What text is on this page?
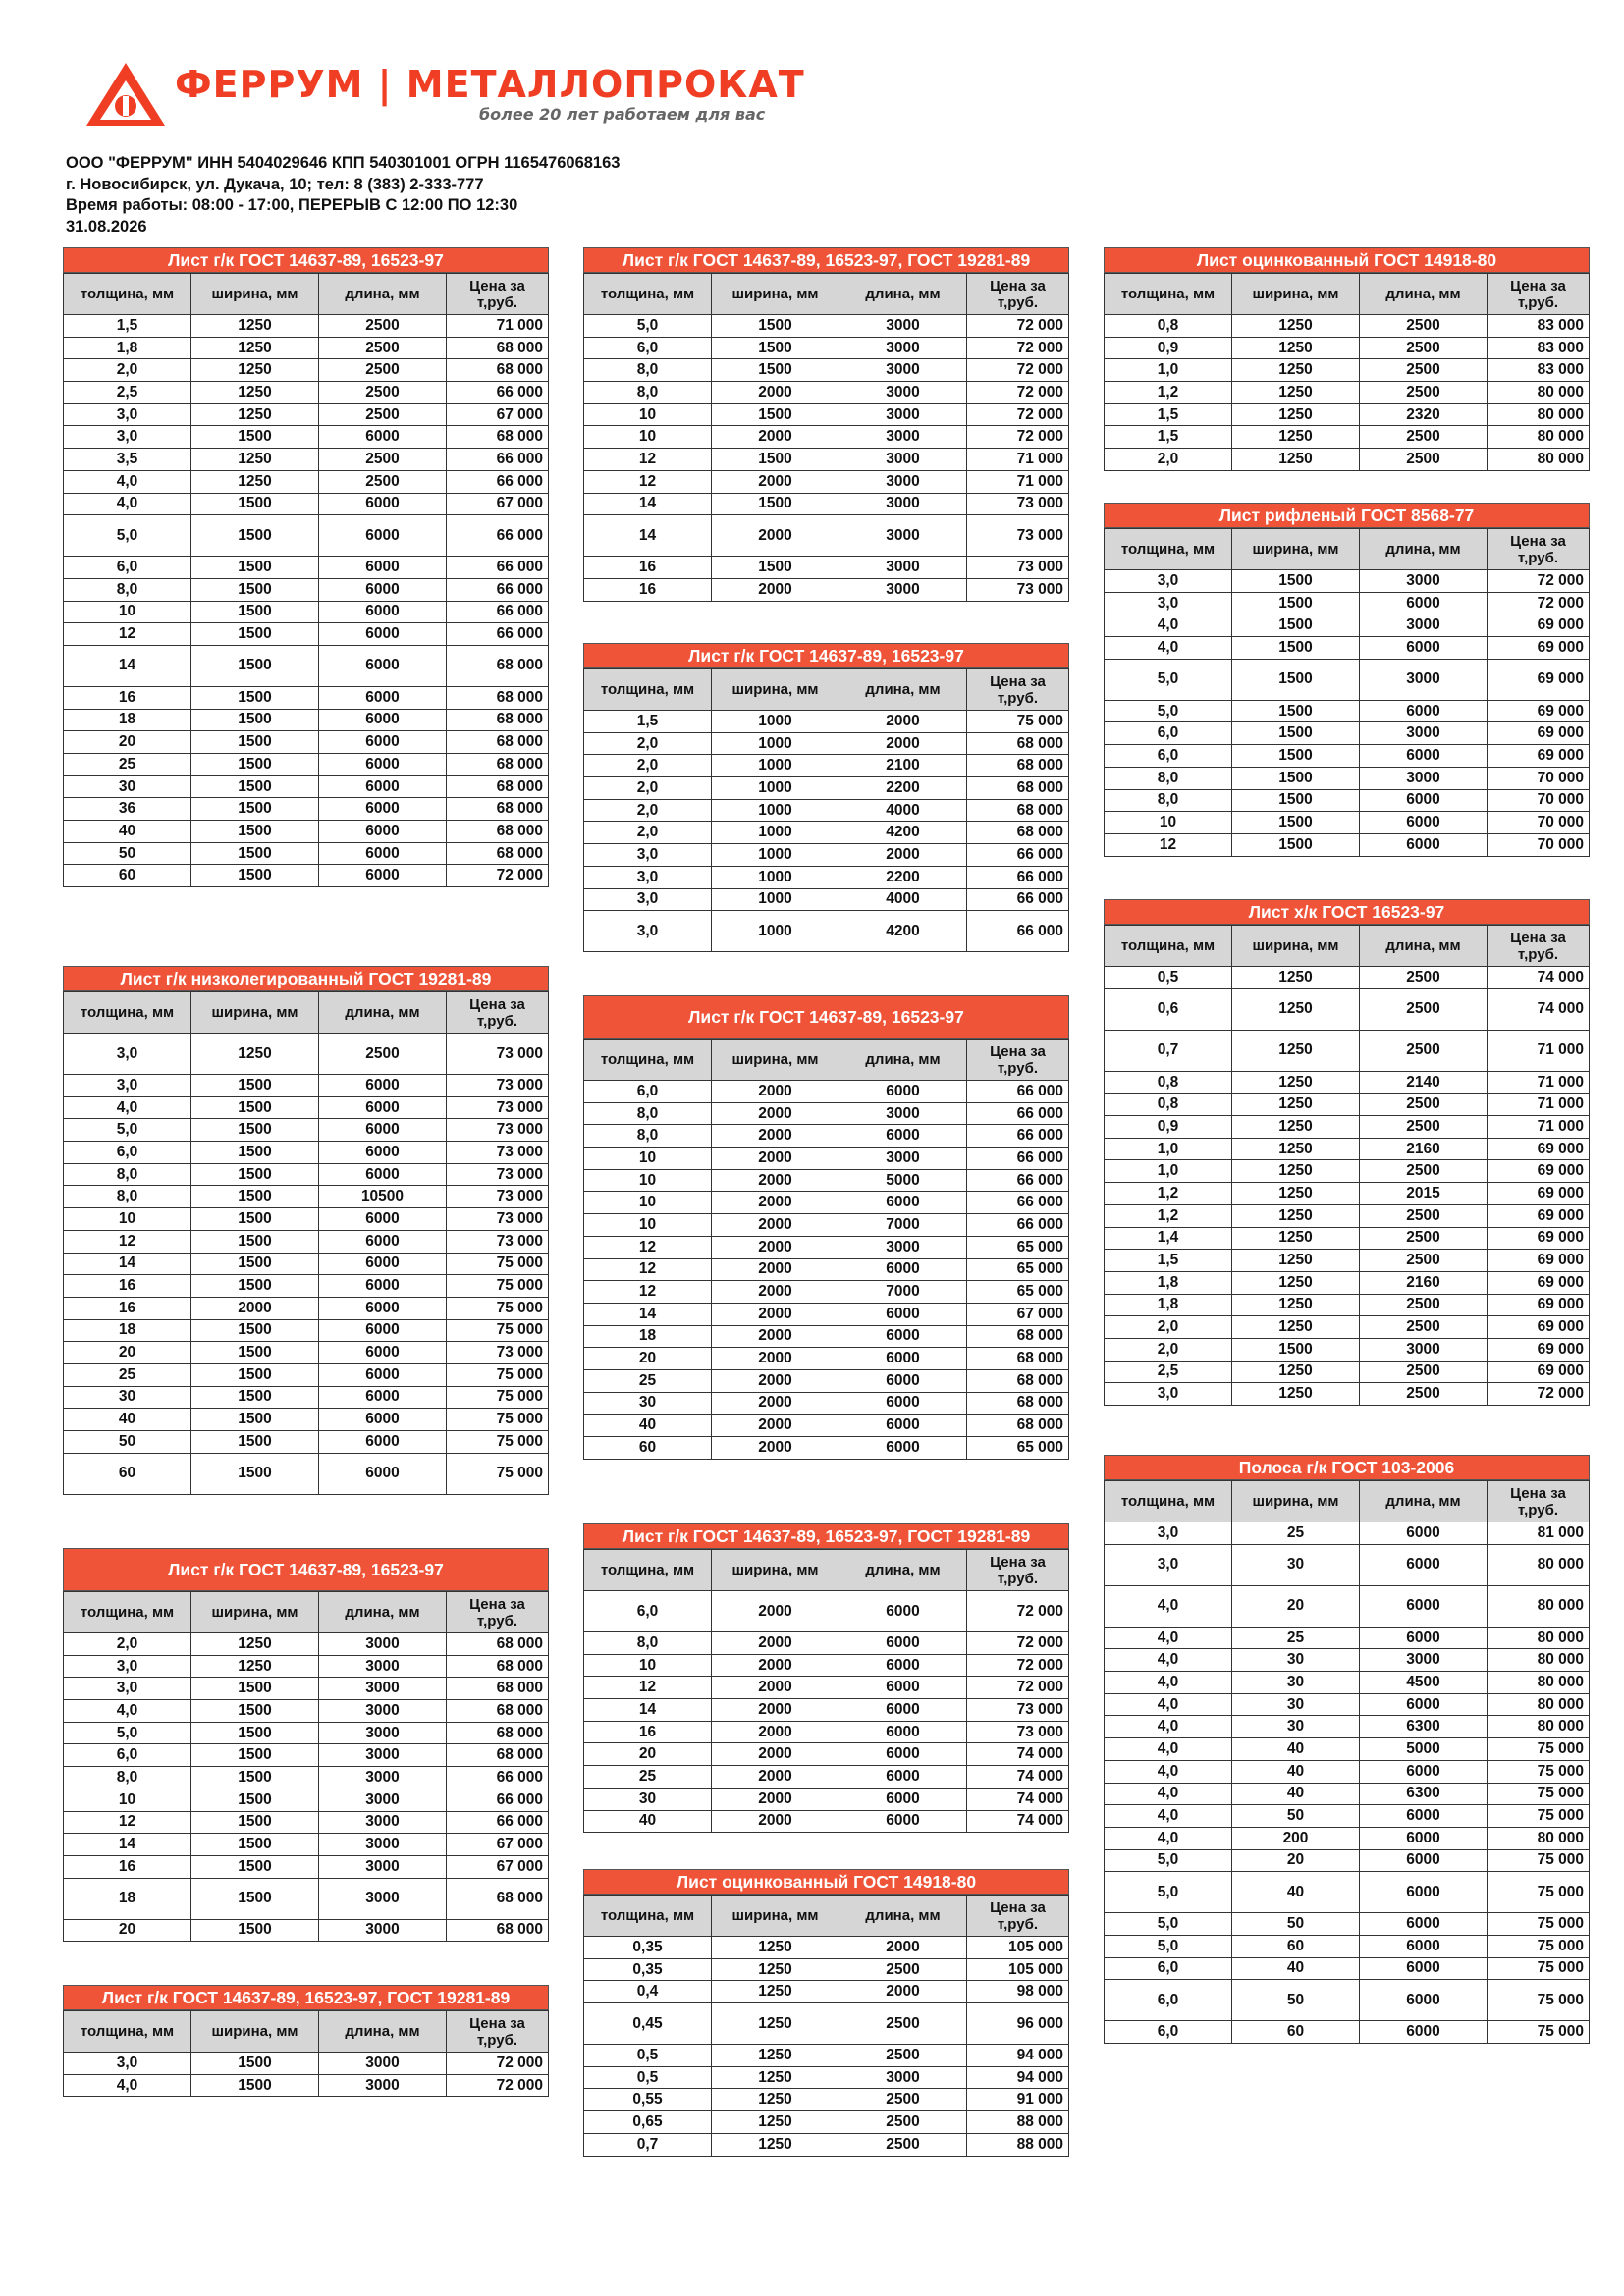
ФЕРРУМ | МЕТАЛЛОПРОКАТ
более 20 лет работаем для вас
ООО "ФЕРРУМ" ИНН 5404029646 КПП 540301001 ОГРН 1165476068163
г. Новосибирск, ул. Дукача, 10; тел: 8 (383) 2-333-777
Время работы: 08:00 - 17:00, ПЕРЕРЫВ С 12:00 ПО 12:30
31.08.2026
Лист г/к ГОСТ 14637-89, 16523-97
толщина, мм	ширина, мм	длина, мм	Цена за т,руб.
1,5	1250	2500	71 000
1,8	1250	2500	68 000
2,0	1250	2500	68 000
2,5	1250	2500	66 000
3,0	1250	2500	67 000
3,0	1500	6000	68 000
3,5	1250	2500	66 000
4,0	1250	2500	66 000
4,0	1500	6000	67 000
5,0	1500	6000	66 000
6,0	1500	6000	66 000
8,0	1500	6000	66 000
10	1500	6000	66 000
12	1500	6000	66 000
14	1500	6000	68 000
16	1500	6000	68 000
18	1500	6000	68 000
20	1500	6000	68 000
25	1500	6000	68 000
30	1500	6000	68 000
36	1500	6000	68 000
40	1500	6000	68 000
50	1500	6000	68 000
60	1500	6000	72 000
Лист г/к низколегированный ГОСТ 19281-89
толщина, мм	ширина, мм	длина, мм	Цена за т,руб.
3,0	1250	2500	73 000
3,0	1500	6000	73 000
4,0	1500	6000	73 000
5,0	1500	6000	73 000
6,0	1500	6000	73 000
8,0	1500	6000	73 000
8,0	1500	10500	73 000
10	1500	6000	73 000
12	1500	6000	73 000
14	1500	6000	75 000
16	1500	6000	75 000
16	2000	6000	75 000
18	1500	6000	75 000
20	1500	6000	73 000
25	1500	6000	75 000
30	1500	6000	75 000
40	1500	6000	75 000
50	1500	6000	75 000
60	1500	6000	75 000
Лист г/к ГОСТ 14637-89, 16523-97
толщина, мм	ширина, мм	длина, мм	Цена за т,руб.
2,0	1250	3000	68 000
3,0	1250	3000	68 000
3,0	1500	3000	68 000
4,0	1500	3000	68 000
5,0	1500	3000	68 000
6,0	1500	3000	68 000
8,0	1500	3000	66 000
10	1500	3000	66 000
12	1500	3000	66 000
14	1500	3000	67 000
16	1500	3000	67 000
18	1500	3000	68 000
20	1500	3000	68 000
Лист г/к ГОСТ 14637-89, 16523-97, ГОСТ 19281-89
толщина, мм	ширина, мм	длина, мм	Цена за т,руб.
3,0	1500	3000	72 000
4,0	1500	3000	72 000
Лист г/к ГОСТ 14637-89, 16523-97, ГОСТ 19281-89
толщина, мм	ширина, мм	длина, мм	Цена за т,руб.
5,0	1500	3000	72 000
6,0	1500	3000	72 000
8,0	1500	3000	72 000
8,0	2000	3000	72 000
10	1500	3000	72 000
10	2000	3000	72 000
12	1500	3000	71 000
12	2000	3000	71 000
14	1500	3000	73 000
14	2000	3000	73 000
16	1500	3000	73 000
16	2000	3000	73 000
Лист г/к ГОСТ 14637-89, 16523-97
толщина, мм	ширина, мм	длина, мм	Цена за т,руб.
1,5	1000	2000	75 000
2,0	1000	2000	68 000
2,0	1000	2100	68 000
2,0	1000	2200	68 000
2,0	1000	4000	68 000
2,0	1000	4200	68 000
3,0	1000	2000	66 000
3,0	1000	2200	66 000
3,0	1000	4000	66 000
3,0	1000	4200	66 000
Лист г/к ГОСТ 14637-89, 16523-97
толщина, мм	ширина, мм	длина, мм	Цена за т,руб.
6,0	2000	6000	66 000
8,0	2000	3000	66 000
8,0	2000	6000	66 000
10	2000	3000	66 000
10	2000	5000	66 000
10	2000	6000	66 000
10	2000	7000	66 000
12	2000	3000	65 000
12	2000	6000	65 000
12	2000	7000	65 000
14	2000	6000	67 000
18	2000	6000	68 000
20	2000	6000	68 000
25	2000	6000	68 000
30	2000	6000	68 000
40	2000	6000	68 000
60	2000	6000	65 000
Лист г/к ГОСТ 14637-89, 16523-97, ГОСТ 19281-89
толщина, мм	ширина, мм	длина, мм	Цена за т,руб.
6,0	2000	6000	72 000
8,0	2000	6000	72 000
10	2000	6000	72 000
12	2000	6000	72 000
14	2000	6000	73 000
16	2000	6000	73 000
20	2000	6000	74 000
25	2000	6000	74 000
30	2000	6000	74 000
40	2000	6000	74 000
Лист оцинкованный ГОСТ 14918-80
толщина, мм	ширина, мм	длина, мм	Цена за т,руб.
0,35	1250	2000	105 000
0,35	1250	2500	105 000
0,4	1250	2000	98 000
0,45	1250	2500	96 000
0,5	1250	2500	94 000
0,5	1250	3000	94 000
0,55	1250	2500	91 000
0,65	1250	2500	88 000
0,7	1250	2500	88 000
Лист оцинкованный ГОСТ 14918-80
толщина, мм	ширина, мм	длина, мм	Цена за т,руб.
0,8	1250	2500	83 000
0,9	1250	2500	83 000
1,0	1250	2500	83 000
1,2	1250	2500	80 000
1,5	1250	2320	80 000
1,5	1250	2500	80 000
2,0	1250	2500	80 000
Лист рифленый ГОСТ 8568-77
толщина, мм	ширина, мм	длина, мм	Цена за т,руб.
3,0	1500	3000	72 000
3,0	1500	6000	72 000
4,0	1500	3000	69 000
4,0	1500	6000	69 000
5,0	1500	3000	69 000
5,0	1500	6000	69 000
6,0	1500	3000	69 000
6,0	1500	6000	69 000
8,0	1500	3000	70 000
8,0	1500	6000	70 000
10	1500	6000	70 000
12	1500	6000	70 000
Лист х/к ГОСТ 16523-97
толщина, мм	ширина, мм	длина, мм	Цена за т,руб.
0,5	1250	2500	74 000
0,6	1250	2500	74 000
0,7	1250	2500	71 000
0,8	1250	2140	71 000
0,8	1250	2500	71 000
0,9	1250	2500	71 000
1,0	1250	2160	69 000
1,0	1250	2500	69 000
1,2	1250	2015	69 000
1,2	1250	2500	69 000
1,4	1250	2500	69 000
1,5	1250	2500	69 000
1,8	1250	2160	69 000
1,8	1250	2500	69 000
2,0	1250	2500	69 000
2,0	1500	3000	69 000
2,5	1250	2500	69 000
3,0	1250	2500	72 000
Полоса г/к ГОСТ 103-2006
толщина, мм	ширина, мм	длина, мм	Цена за т,руб.
3,0	25	6000	81 000
3,0	30	6000	80 000
4,0	20	6000	80 000
4,0	25	6000	80 000
4,0	30	3000	80 000
4,0	30	4500	80 000
4,0	30	6000	80 000
4,0	30	6300	80 000
4,0	40	5000	75 000
4,0	40	6000	75 000
4,0	40	6300	75 000
4,0	50	6000	75 000
4,0	200	6000	80 000
5,0	20	6000	75 000
5,0	40	6000	75 000
5,0	50	6000	75 000
5,0	60	6000	75 000
6,0	40	6000	75 000
6,0	50	6000	75 000
6,0	60	6000	75 000
